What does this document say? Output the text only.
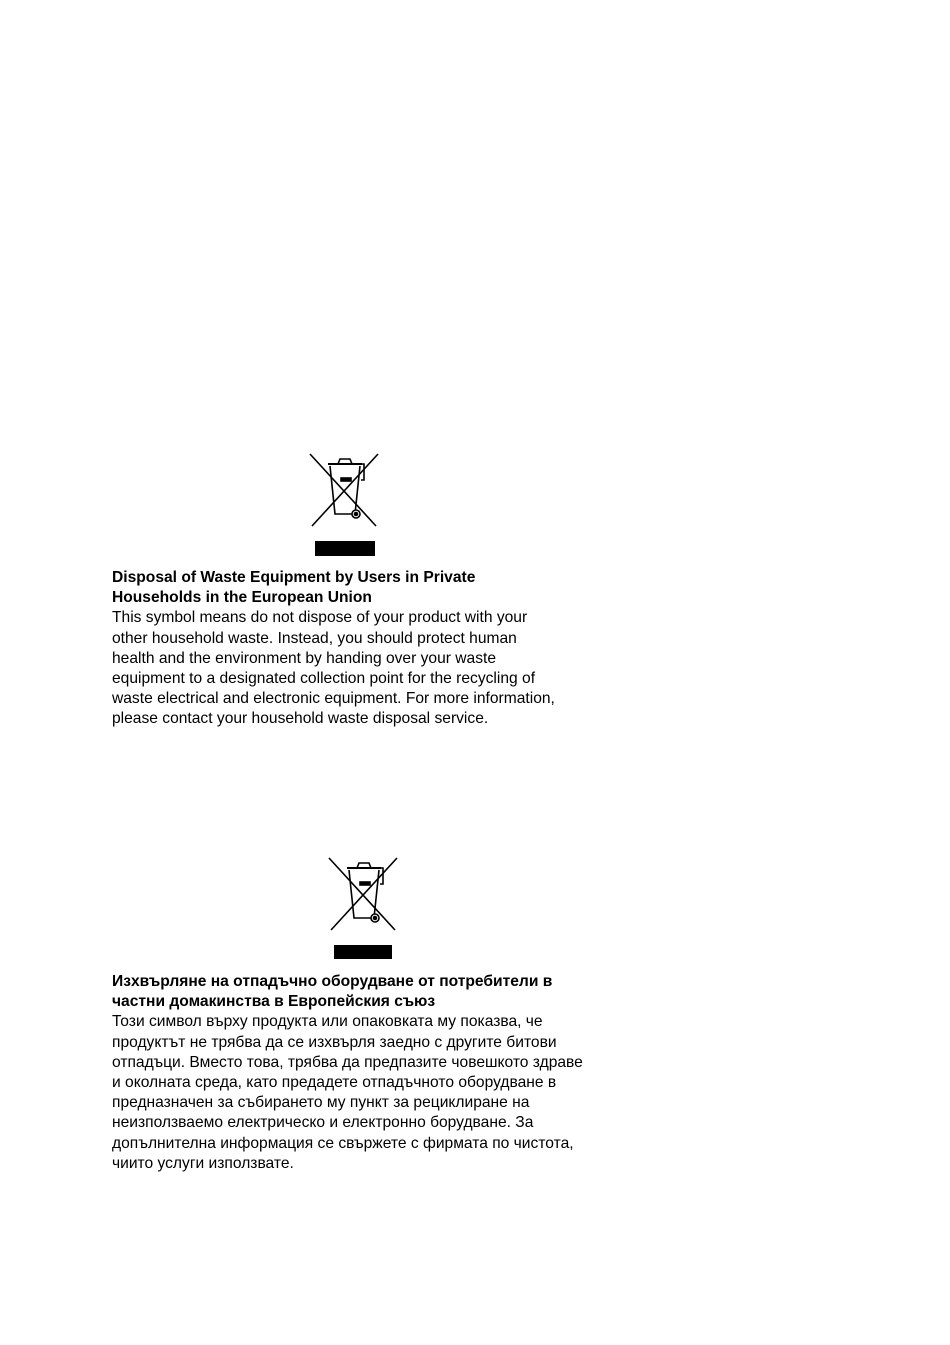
Disposal of Waste Equipment by Users in Private
Households in the European Union

This symbol means do not dispose of your product with your
other household waste. Instead, you should protect human
health and the environment by handing over your waste
equipment to a designated collection point for the recycling of
waste electrical and electronic equipment. For more information,
please contact your household waste disposal service.

Изхвърляне на отпадъчно оборудване от потребители в
частни домакинства в Европейския съюз

Този символ върху продукта или опаковката му показва, че
продуктът не трябва да се изхвърля заедно с другите битови
отпадъци. Вместо това, трябва да предпазите човешкото здраве
и околната среда, като предадете отпадъчното оборудване в
предназначен за събирането му пункт за рециклиране на
неизползваемо електрическо и електронно борудване. За
допълнителна информация се свържете с фирмата по чистота,
чиито услуги използвате.
